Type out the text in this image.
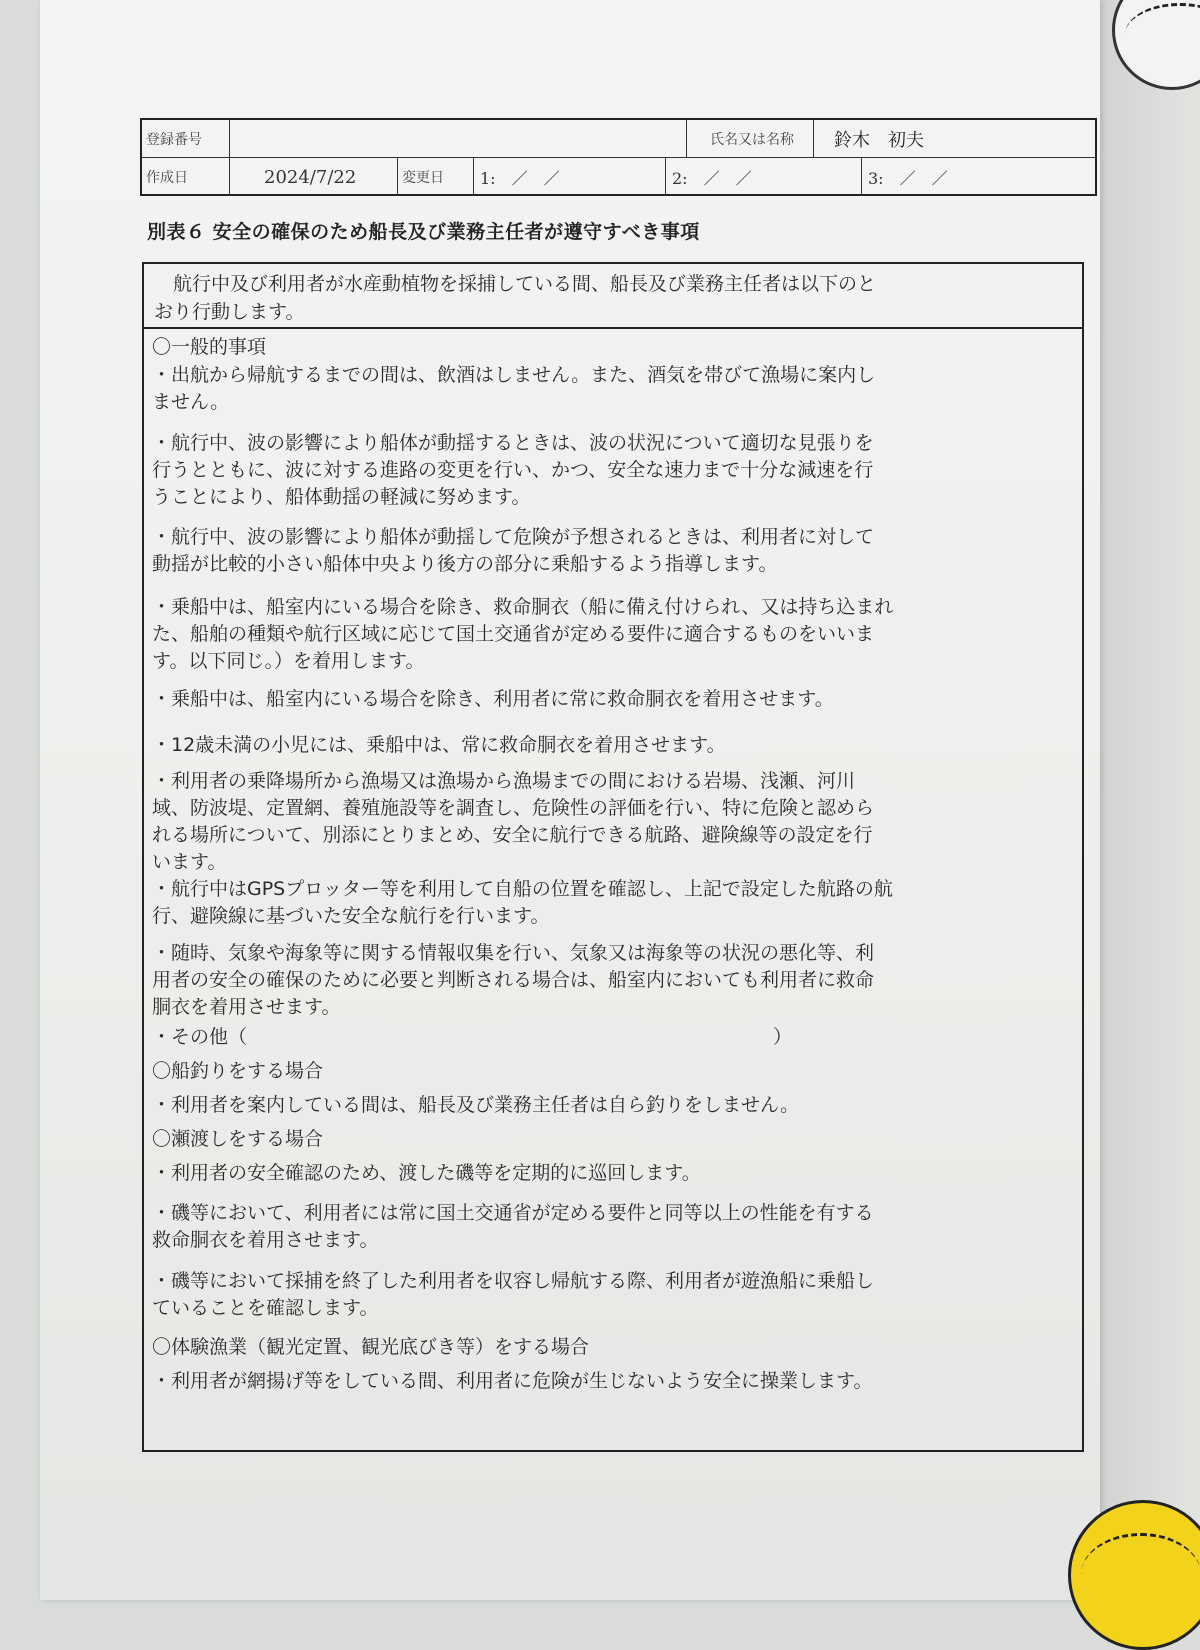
登録番号	氏名又は名称	鈴木　初夫
作成日	2024/7/22	変更日	1:　／　／	2:　／　／	3:　／　／
別表６ 安全の確保のため船長及び業務主任者が遵守すべき事項
　航行中及び利用者が水産動植物を採捕している間、船長及び業務主任者は以下のと
おり行動します。
〇一般的事項
・出航から帰航するまでの間は、飲酒はしません。また、酒気を帯びて漁場に案内し
ません。
・航行中、波の影響により船体が動揺するときは、波の状況について適切な見張りを
行うとともに、波に対する進路の変更を行い、かつ、安全な速力まで十分な減速を行
うことにより、船体動揺の軽減に努めます。
・航行中、波の影響により船体が動揺して危険が予想されるときは、利用者に対して
動揺が比較的小さい船体中央より後方の部分に乗船するよう指導します。
・乗船中は、船室内にいる場合を除き、救命胴衣（船に備え付けられ、又は持ち込まれ
た、船舶の種類や航行区域に応じて国土交通省が定める要件に適合するものをいいま
す。以下同じ。）を着用します。
・乗船中は、船室内にいる場合を除き、利用者に常に救命胴衣を着用させます。
・12歳未満の小児には、乗船中は、常に救命胴衣を着用させます。
・利用者の乗降場所から漁場又は漁場から漁場までの間における岩場、浅瀬、河川
域、防波堤、定置網、養殖施設等を調査し、危険性の評価を行い、特に危険と認めら
れる場所について、別添にとりまとめ、安全に航行できる航路、避険線等の設定を行
います。
・航行中はGPSプロッター等を利用して自船の位置を確認し、上記で設定した航路の航
行、避険線に基づいた安全な航行を行います。
・随時、気象や海象等に関する情報収集を行い、気象又は海象等の状況の悪化等、利
用者の安全の確保のために必要と判断される場合は、船室内においても利用者に救命
胴衣を着用させます。
・その他（	）
〇船釣りをする場合
・利用者を案内している間は、船長及び業務主任者は自ら釣りをしません。
〇瀬渡しをする場合
・利用者の安全確認のため、渡した磯等を定期的に巡回します。
・磯等において、利用者には常に国土交通省が定める要件と同等以上の性能を有する
救命胴衣を着用させます。
・磯等において採捕を終了した利用者を収容し帰航する際、利用者が遊漁船に乗船し
ていることを確認します。
〇体験漁業（観光定置、観光底びき等）をする場合
・利用者が網揚げ等をしている間、利用者に危険が生じないよう安全に操業します。
